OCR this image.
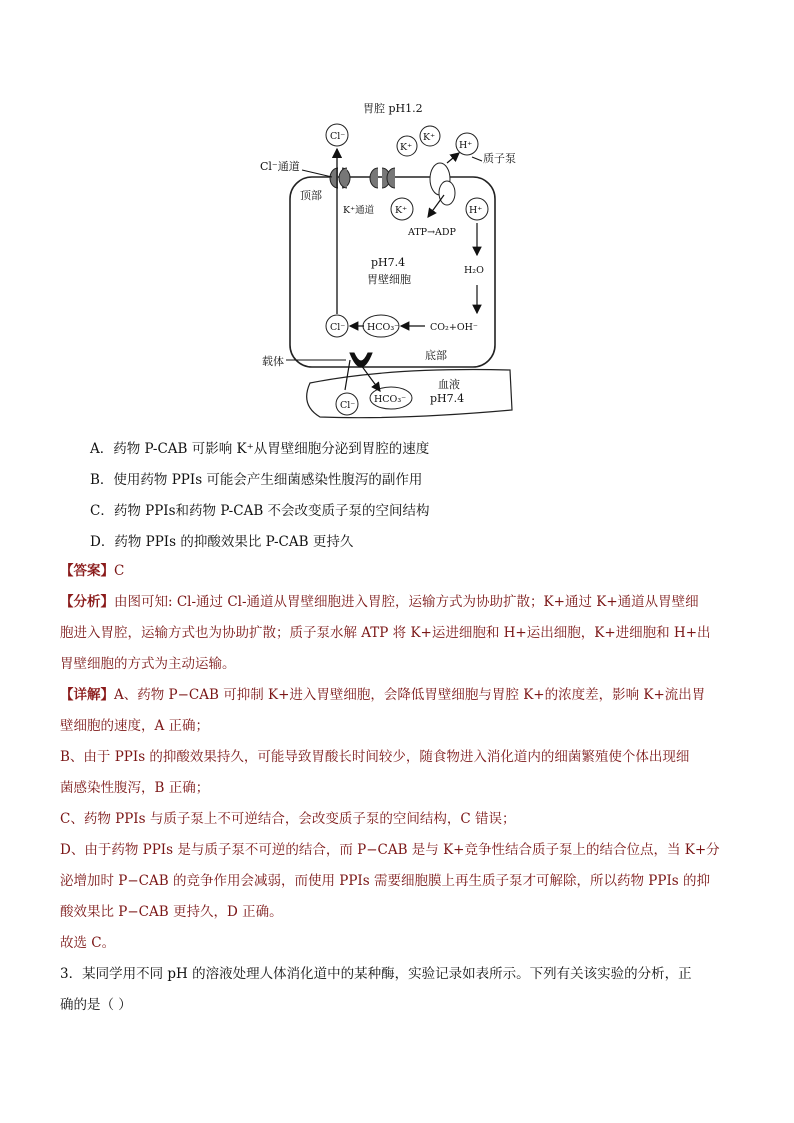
Cl⁻
K⁺
K⁺
H⁺
K⁺	H⁺
Cl⁻ HCO₃⁻
Cl⁻
HCO₃⁻
胃腔 pH1.2
Cl⁻通道
顶部
K⁺通道
质子泵
ATP→ADP
pH7.4
胃壁细胞
H₂O
CO₂+OH⁻
底部
载体
血液
pH7.4
A．药物 P-CAB 可影响 K⁺从胃壁细胞分泌到胃腔的速度
B．使用药物 PPIs 可能会产生细菌感染性腹泻的副作用
C．药物 PPIs和药物 P-CAB 不会改变质子泵的空间结构
D．药物 PPIs 的抑酸效果比 P-CAB 更持久
【答案】C
【分析】由图可知: Cl-通过 Cl-通道从胃壁细胞进入胃腔，运输方式为协助扩散；K+通过 K+通道从胃壁细
胞进入胃腔，运输方式也为协助扩散；质子泵水解 ATP 将 K+运进细胞和 H+运出细胞，K+进细胞和 H+出
胃壁细胞的方式为主动运输。
【详解】A、药物 P−CAB 可抑制 K+进入胃壁细胞，会降低胃壁细胞与胃腔 K+的浓度差，影响 K+流出胃
壁细胞的速度，A 正确；
B、由于 PPIs 的抑酸效果持久，可能导致胃酸长时间较少，随食物进入消化道内的细菌繁殖使个体出现细
菌感染性腹泻，B 正确；
C、药物 PPIs 与质子泵上不可逆结合，会改变质子泵的空间结构，C 错误；
D、由于药物 PPIs 是与质子泵不可逆的结合，而 P−CAB 是与 K+竞争性结合质子泵上的结合位点，当 K+分
泌增加时 P−CAB 的竞争作用会减弱，而使用 PPIs 需要细胞膜上再生质子泵才可解除，所以药物 PPIs 的抑
酸效果比 P−CAB 更持久，D 正确。
故选 C。
3．某同学用不同 pH 的溶液处理人体消化道中的某种酶，实验记录如表所示。下列有关该实验的分析，正
确的是（ ）
